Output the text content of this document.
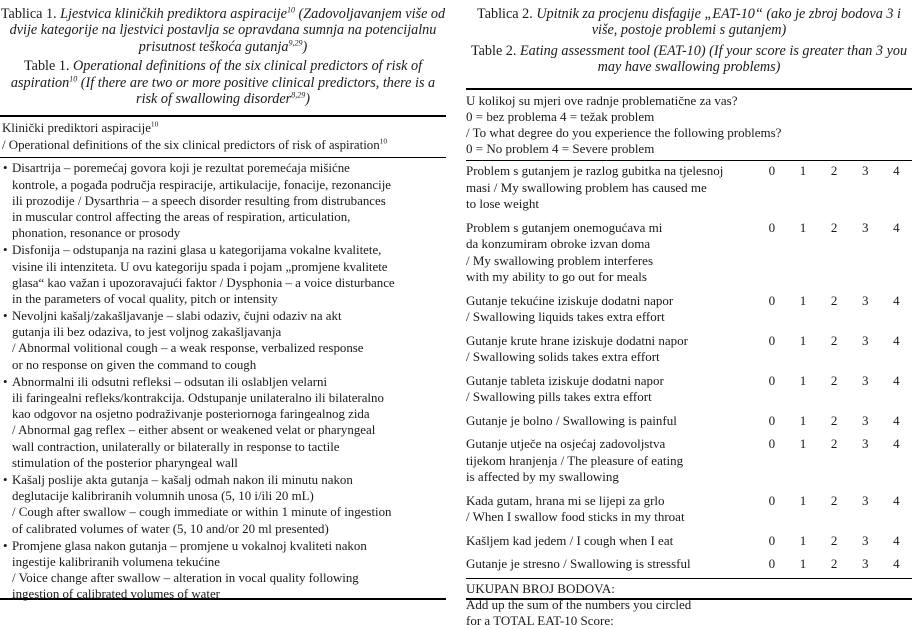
Tablica 1. Ljestvica kliničkih prediktora aspiracije$^{10}$ (Zadovoljavanjem više od dvije kategorije na ljestvici postavlja se opravdana sumnja na potencijalnu prisutnost teškoća gutanja$^{9,29}$)
Table 1. Operational definitions of the six clinical predictors of risk of aspiration$^{10}$ (If there are two or more positive clinical predictors, there is a risk of swallowing disorder$^{8,29}$)
Klinički prediktori aspiracije$^{10}$
/ Operational definitions of the six clinical predictors of risk of aspiration$^{10}$
• Disartrija – poremećaj govora koji je rezultat poremećaja mišićne
kontrole, a pogađa područja respiracije, artikulacije, fonacije, rezonancije
ili prozodije / Dysarthria – a speech disorder resulting from distrubances
in muscular control affecting the areas of respiration, articulation,
phonation, resonance or prosody
• Disfonija – odstupanja na razini glasa u kategorijama vokalne kvalitete,
visine ili intenziteta. U ovu kategoriju spada i pojam „promjene kvalitete
glasa“ kao važan i upozoravajući faktor / Dysphonia – a voice disturbance
in the parameters of vocal quality, pitch or intensity
• Nevoljni kašalj/zakašljavanje – slabi odaziv, čujni odaziv na akt
gutanja ili bez odaziva, to jest voljnog zakašljavanja
/ Abnormal volitional cough – a weak response, verbalized response
or no response on given the command to cough
• Abnormalni ili odsutni refleksi – odsutan ili oslabljen velarni
ili faringealni refleks/kontrakcija. Odstupanje unilateralno ili bilateralno
kao odgovor na osjetno podraživanje posteriornoga faringealnog zida
/ Abnormal gag reflex – either absent or weakened velat or pharyngeal
wall contraction, unilaterally or bilaterally in response to tactile
stimulation of the posterior pharyngeal wall
• Kašalj poslije akta gutanja – kašalj odmah nakon ili minutu nakon
deglutacije kalibriranih volumnih unosa (5, 10 i/ili 20 mL)
/ Cough after swallow – cough immediate or within 1 minute of ingestion
of calibrated volumes of water (5, 10 and/or 20 ml presented)
• Promjene glasa nakon gutanja – promjene u vokalnoj kvaliteti nakon
ingestije kalibriranih volumena tekućine
/ Voice change after swallow – alteration in vocal quality following
ingestion of calibrated volumes of water
Tablica 2. Upitnik za procjenu disfagije „EAT-10“ (ako je zbroj bodova 3 i više, postoje problemi s gutanjem)
Table 2. Eating assessment tool (EAT-10) (If your score is greater than 3 you may have swallowing problems)
U kolikoj su mjeri ove radnje problematične za vas?
0 = bez problema 4 = težak problem
/ To what degree do you experience the following problems?
0 = No problem 4 = Severe problem
Problem s gutanjem je razlog gubitka na tjelesnoj
masi / My swallowing problem has caused me
to lose weight	0	1	2	3	4

Problem s gutanjem onemogućava mi
da konzumiram obroke izvan doma
/ My swallowing problem interferes
with my ability to go out for meals	0	1	2	3	4

Gutanje tekućine iziskuje dodatni napor
/ Swallowing liquids takes extra effort	0	1	2	3	4

Gutanje krute hrane iziskuje dodatni napor
/ Swallowing solids takes extra effort	0	1	2	3	4

Gutanje tableta iziskuje dodatni napor
/ Swallowing pills takes extra effort	0	1	2	3	4

Gutanje je bolno / Swallowing is painful	0	1	2	3	4

Gutanje utječe na osjećaj zadovoljstva
tijekom hranjenja / The pleasure of eating
is affected by my swallowing	0	1	2	3	4

Kada gutam, hrana mi se lijepi za grlo
/ When I swallow food sticks in my throat	0	1	2	3	4

Kašljem kad jedem / I cough when I eat	0	1	2	3	4

Gutanje je stresno / Swallowing is stressful	0	1	2	3	4
UKUPAN BROJ BODOVA:
Add up the sum of the numbers you circled
for a TOTAL EAT-10 Score:
